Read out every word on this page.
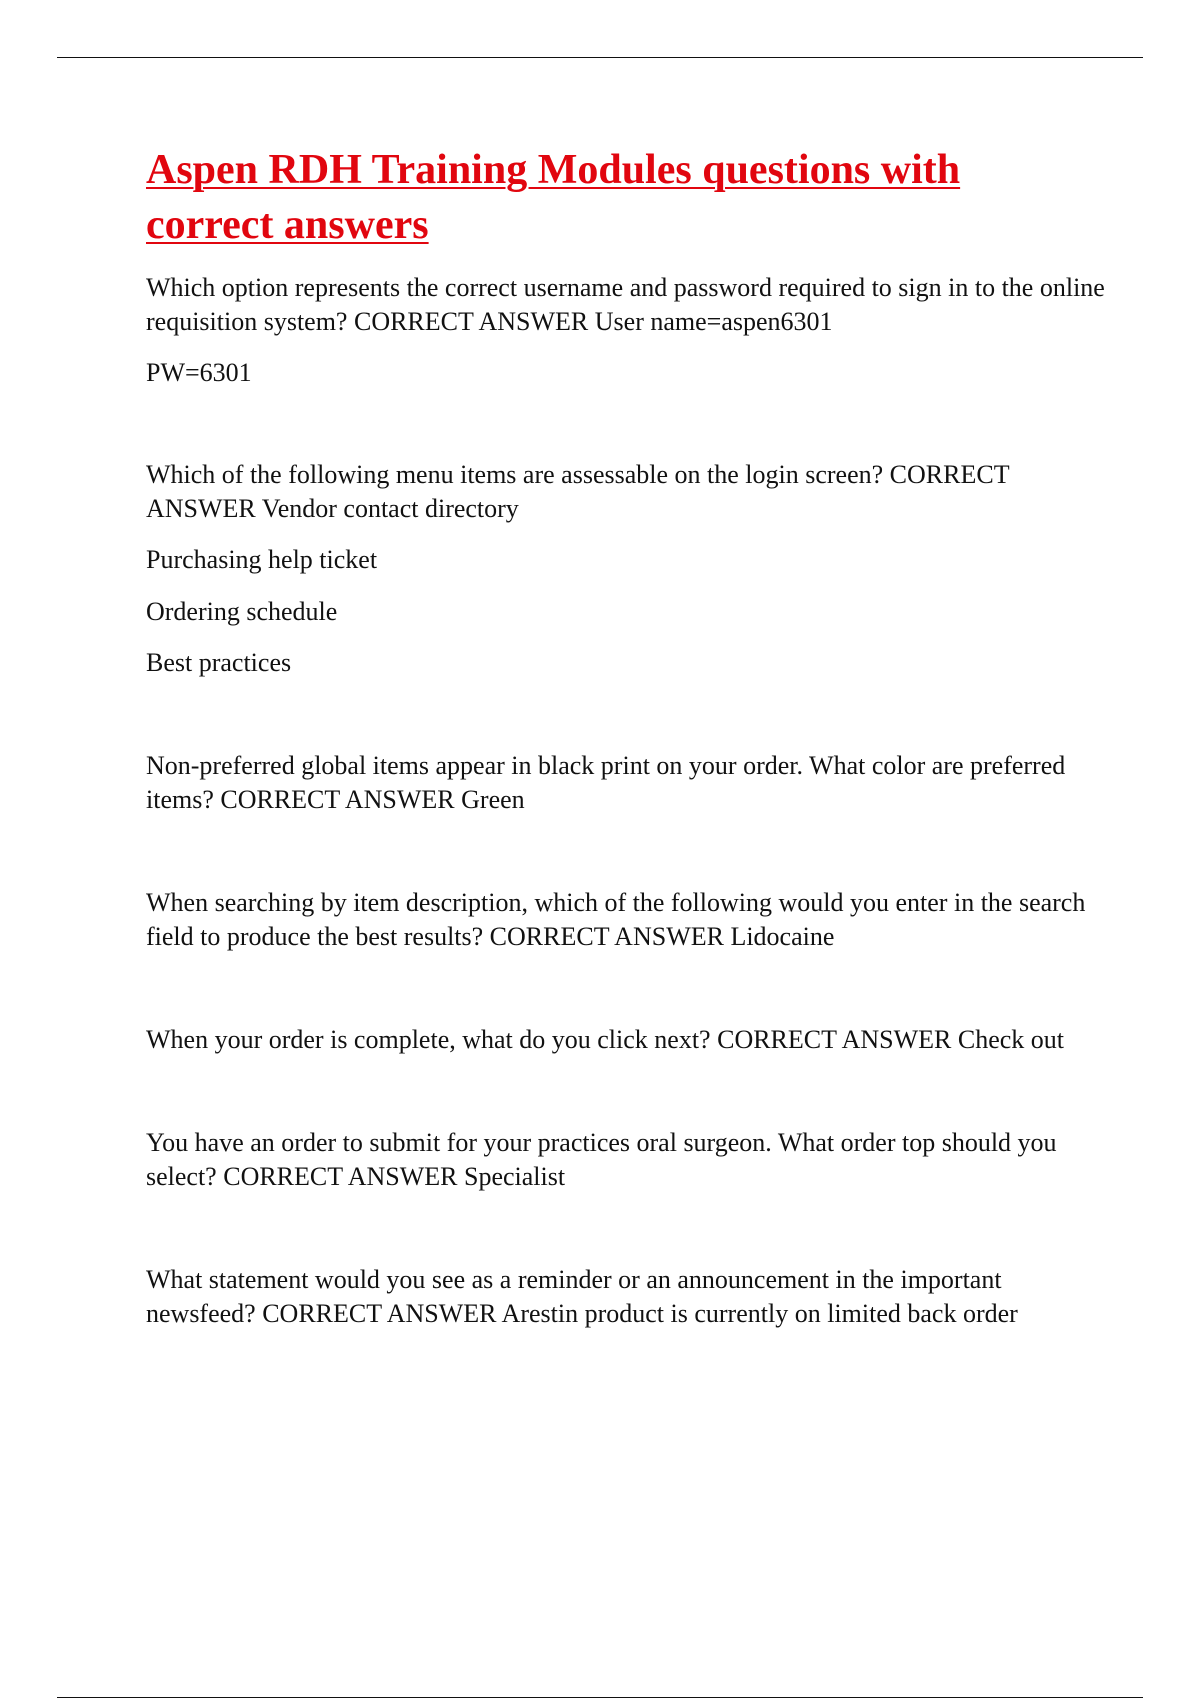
Aspen RDH Training Modules questions with correct answers

Which option represents the correct username and password required to sign in to the online requisition system? CORRECT ANSWER User name=aspen6301

PW=6301

Which of the following menu items are assessable on the login screen? CORRECT ANSWER Vendor contact directory

Purchasing help ticket

Ordering schedule

Best practices

Non-preferred global items appear in black print on your order. What color are preferred items? CORRECT ANSWER Green

When searching by item description, which of the following would you enter in the search field to produce the best results? CORRECT ANSWER Lidocaine

When your order is complete, what do you click next? CORRECT ANSWER Check out

You have an order to submit for your practices oral surgeon. What order top should you select? CORRECT ANSWER Specialist

What statement would you see as a reminder or an announcement in the important newsfeed? CORRECT ANSWER Arestin product is currently on limited back order
